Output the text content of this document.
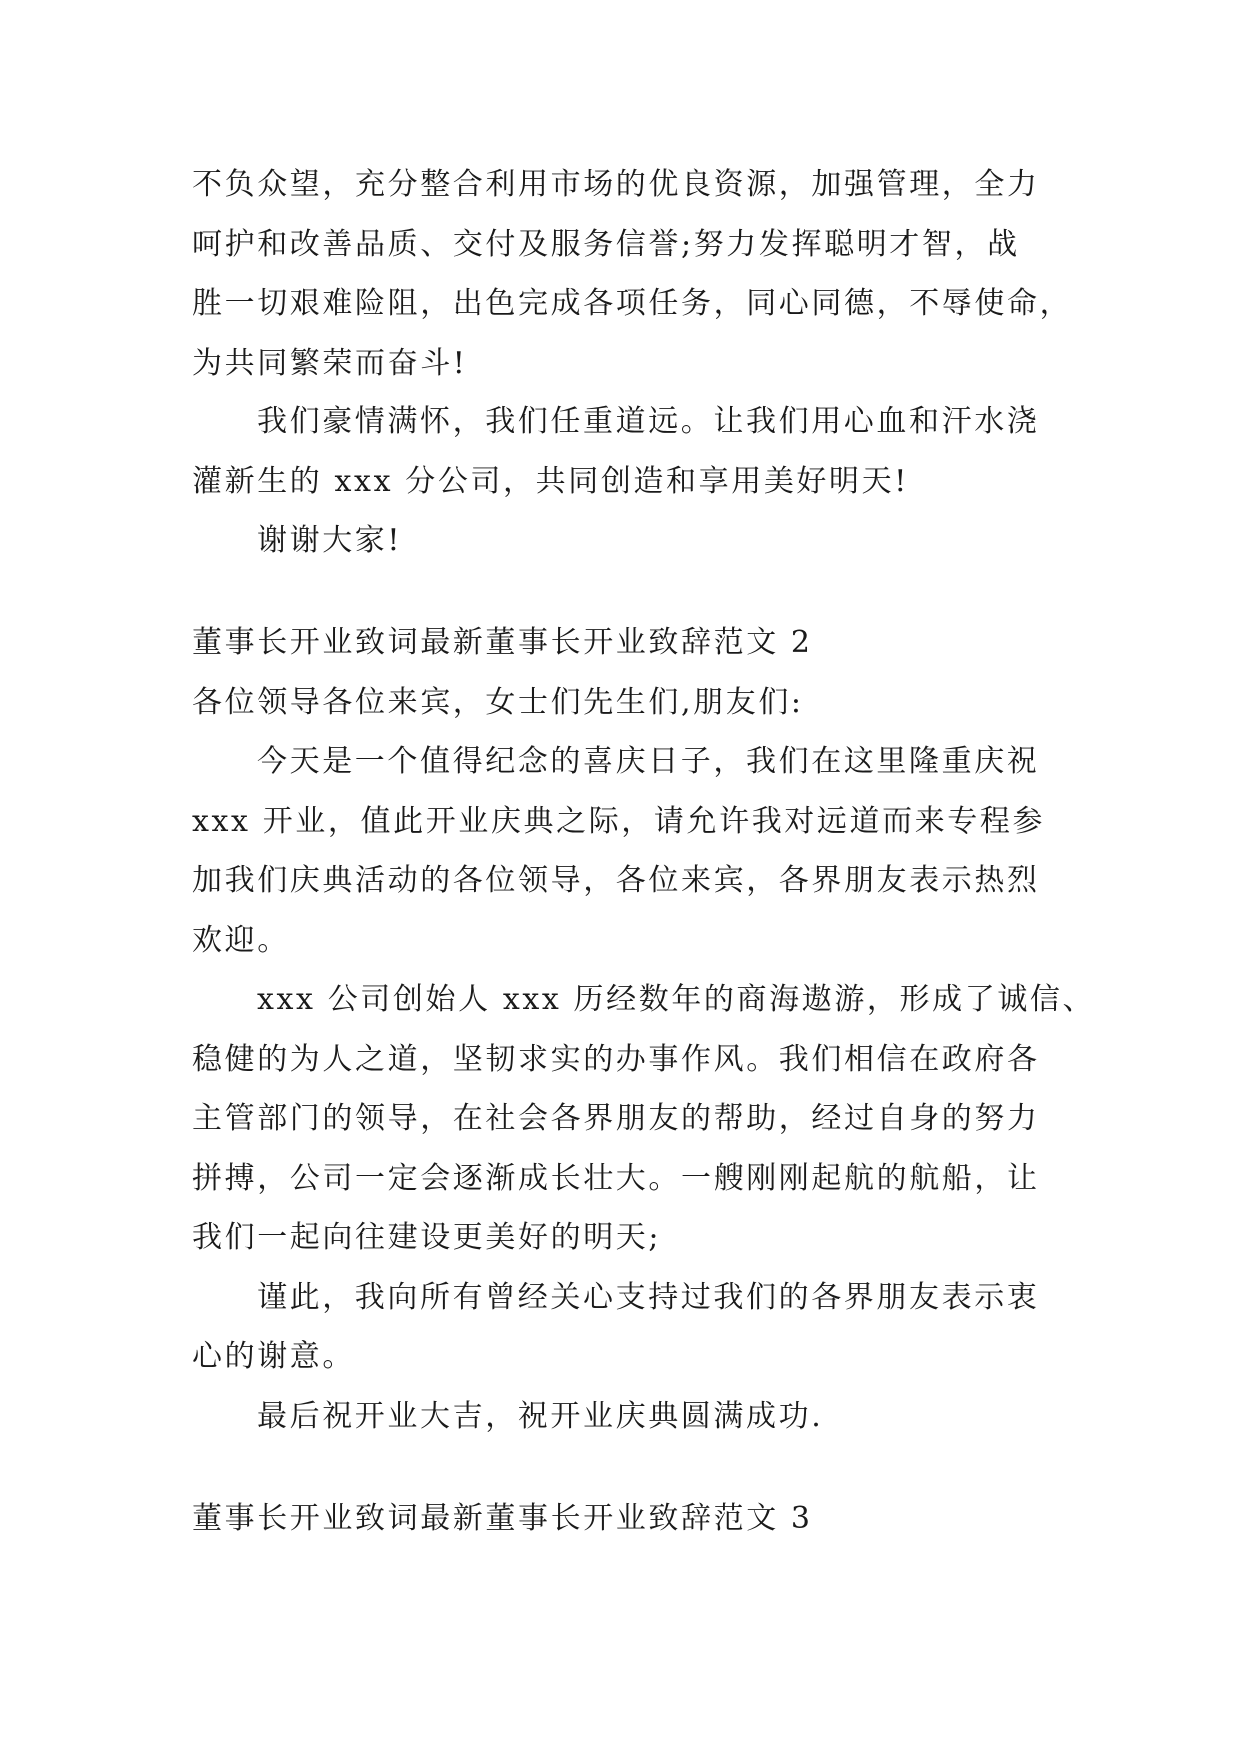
不负众望，充分整合利用市场的优良资源，加强管理，全力
呵护和改善品质、交付及服务信誉;努力发挥聪明才智，战
胜一切艰难险阻，出色完成各项任务，同心同德，不辱使命，
为共同繁荣而奋斗!
我们豪情满怀，我们任重道远。让我们用心血和汗水浇
灌新生的 xxx 分公司，共同创造和享用美好明天!
谢谢大家!
董事长开业致词最新董事长开业致辞范文 2
各位领导各位来宾，女士们先生们,朋友们:
今天是一个值得纪念的喜庆日子，我们在这里隆重庆祝
xxx 开业，值此开业庆典之际，请允许我对远道而来专程参
加我们庆典活动的各位领导，各位来宾，各界朋友表示热烈
欢迎。
xxx 公司创始人 xxx 历经数年的商海遨游，形成了诚信、
稳健的为人之道，坚韧求实的办事作风。我们相信在政府各
主管部门的领导，在社会各界朋友的帮助，经过自身的努力
拼搏，公司一定会逐渐成长壮大。一艘刚刚起航的航船，让
我们一起向往建设更美好的明天;
谨此，我向所有曾经关心支持过我们的各界朋友表示衷
心的谢意。
最后祝开业大吉，祝开业庆典圆满成功.
董事长开业致词最新董事长开业致辞范文 3
